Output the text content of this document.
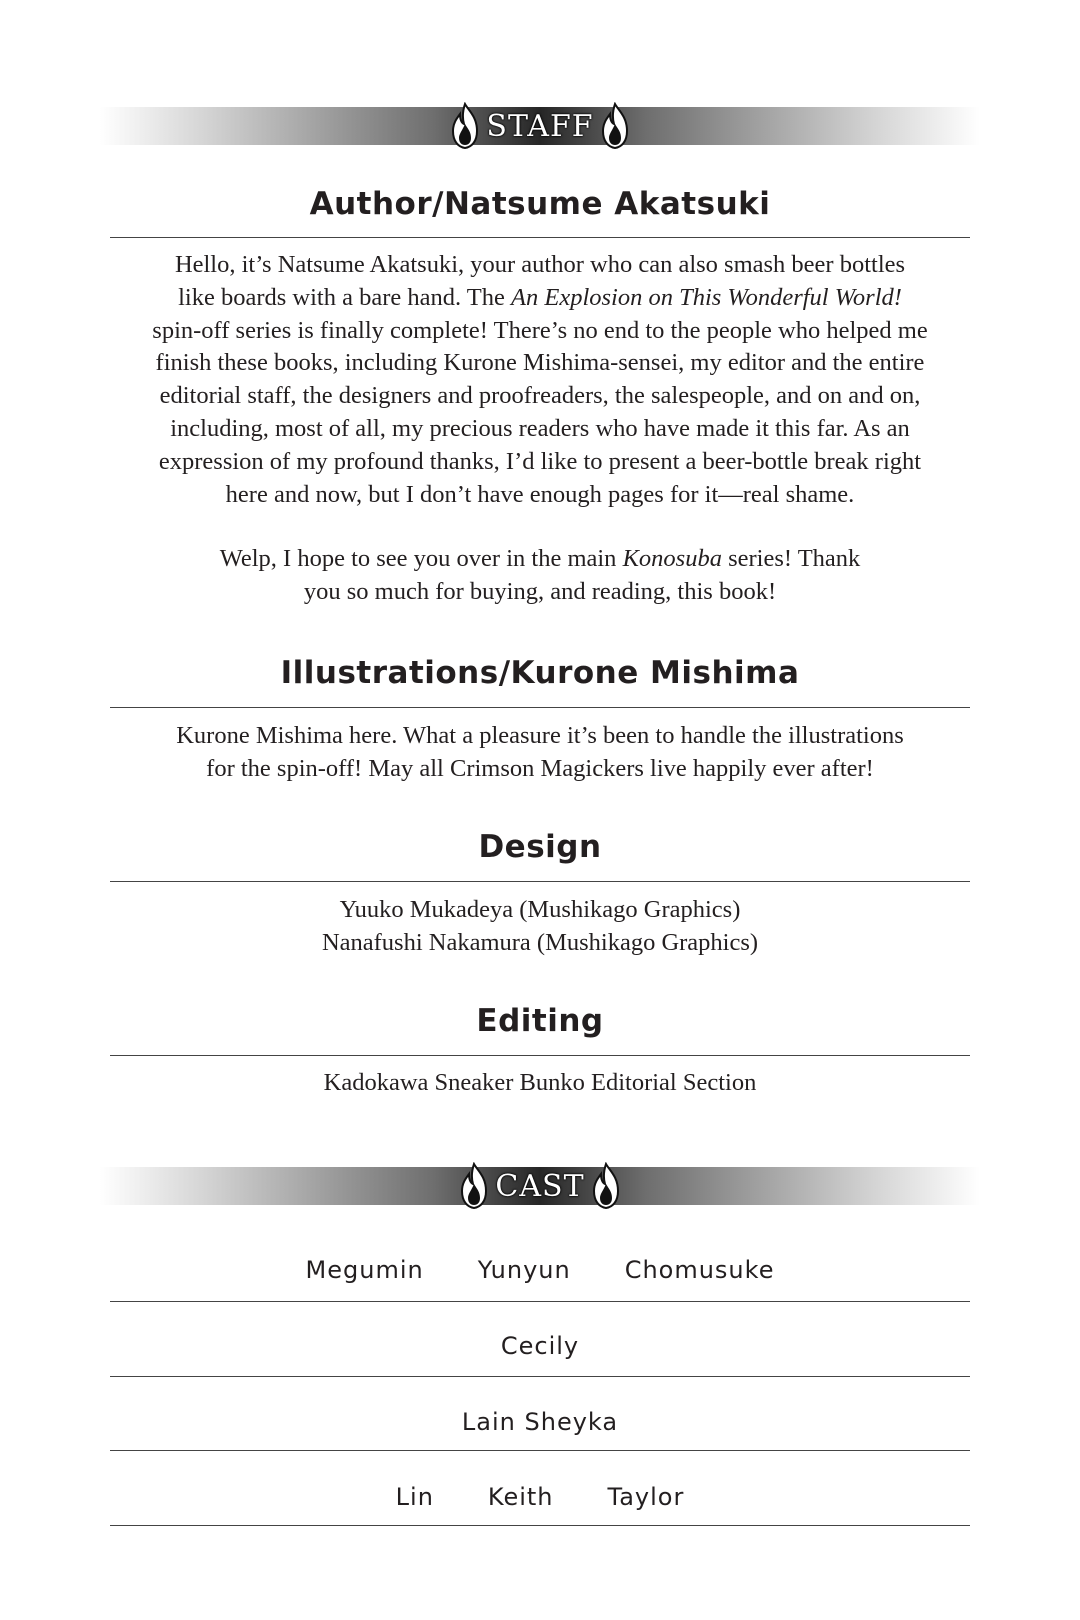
STAFF
Author/Natsume Akatsuki
Hello, it’s Natsume Akatsuki, your author who can also smash beer bottles
like boards with a bare hand. The An Explosion on This Wonderful World!
spin-off series is finally complete! There’s no end to the people who helped me
finish these books, including Kurone Mishima-sensei, my editor and the entire
editorial staff, the designers and proofreaders, the salespeople, and on and on,
including, most of all, my precious readers who have made it this far. As an
expression of my profound thanks, I’d like to present a beer-bottle break right
here and now, but I don’t have enough pages for it—real shame.
Welp, I hope to see you over in the main Konosuba series! Thank
you so much for buying, and reading, this book!
Illustrations/Kurone Mishima
Kurone Mishima here. What a pleasure it’s been to handle the illustrations
for the spin-off! May all Crimson Magickers live happily ever after!
Design
Yuuko Mukadeya (Mushikago Graphics)
Nanafushi Nakamura (Mushikago Graphics)
Editing
Kadokawa Sneaker Bunko Editorial Section
CAST
Megumin Yunyun Chomusuke
Cecily
Lain Sheyka
Lin Keith Taylor
